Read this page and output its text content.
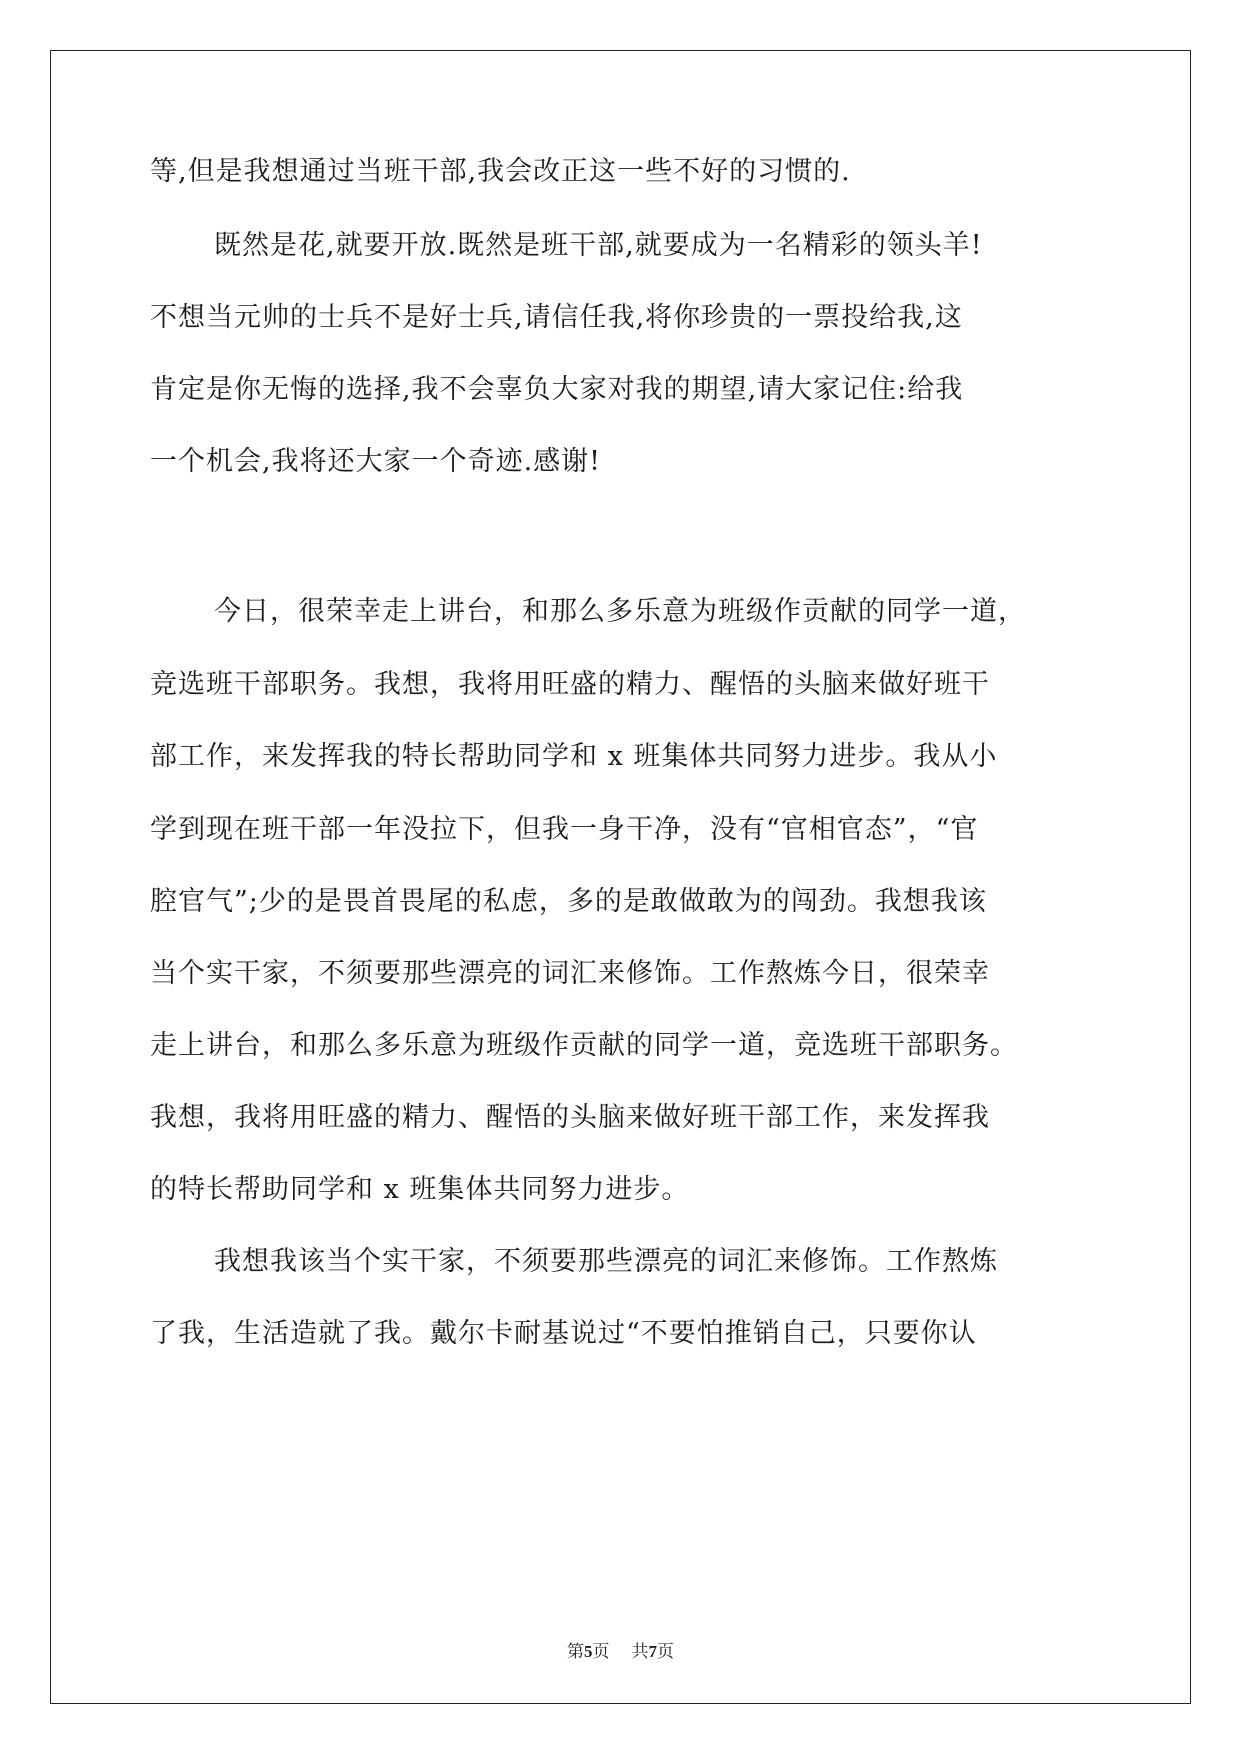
等,但是我想通过当班干部,我会改正这一些不好的习惯的.
既然是花,就要开放.既然是班干部,就要成为一名精彩的领头羊!
不想当元帅的士兵不是好士兵,请信任我,将你珍贵的一票投给我,这
肯定是你无悔的选择,我不会辜负大家对我的期望,请大家记住:给我
一个机会,我将还大家一个奇迹.感谢!
今日，很荣幸走上讲台，和那么多乐意为班级作贡献的同学一道，
竞选班干部职务。我想，我将用旺盛的精力、醒悟的头脑来做好班干
部工作，来发挥我的特长帮助同学和 x 班集体共同努力进步。我从小
学到现在班干部一年没拉下，但我一身干净，没有“官相官态”，“官
腔官气”;少的是畏首畏尾的私虑，多的是敢做敢为的闯劲。我想我该
当个实干家，不须要那些漂亮的词汇来修饰。工作熬炼今日，很荣幸
走上讲台，和那么多乐意为班级作贡献的同学一道，竞选班干部职务。
我想，我将用旺盛的精力、醒悟的头脑来做好班干部工作，来发挥我
的特长帮助同学和 x 班集体共同努力进步。
我想我该当个实干家，不须要那些漂亮的词汇来修饰。工作熬炼
了我，生活造就了我。戴尔卡耐基说过“不要怕推销自己，只要你认
第5页 共7页
